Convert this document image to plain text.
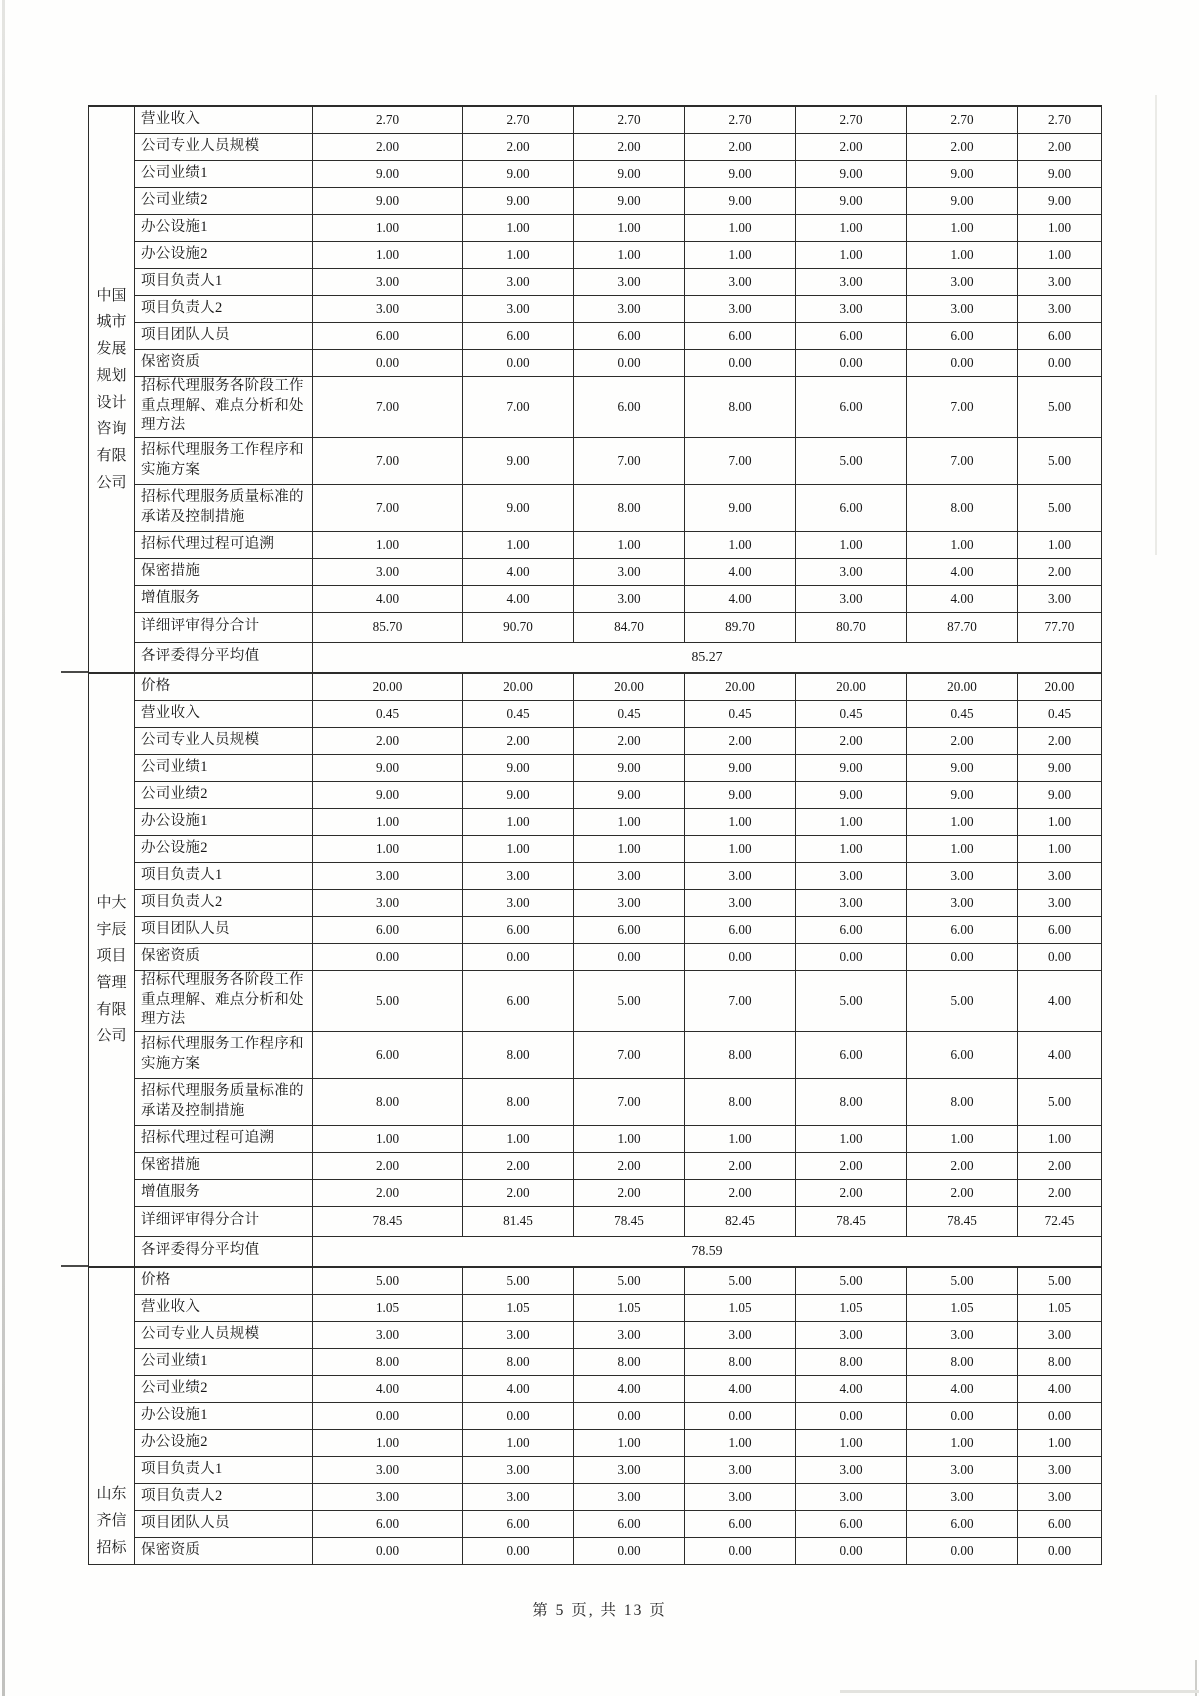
中国城市发展规划设计咨询有限公司	营业收入	2.70	2.70	2.70	2.70	2.70	2.70	2.70
	公司专业人员规模	2.00	2.00	2.00	2.00	2.00	2.00	2.00
	公司业绩1	9.00	9.00	9.00	9.00	9.00	9.00	9.00
	公司业绩2	9.00	9.00	9.00	9.00	9.00	9.00	9.00
	办公设施1	1.00	1.00	1.00	1.00	1.00	1.00	1.00
	办公设施2	1.00	1.00	1.00	1.00	1.00	1.00	1.00
	项目负责人1	3.00	3.00	3.00	3.00	3.00	3.00	3.00
	项目负责人2	3.00	3.00	3.00	3.00	3.00	3.00	3.00
	项目团队人员	6.00	6.00	6.00	6.00	6.00	6.00	6.00
	保密资质	0.00	0.00	0.00	0.00	0.00	0.00	0.00
	招标代理服务各阶段工作重点理解、难点分析和处理方法	7.00	7.00	6.00	8.00	6.00	7.00	5.00
	招标代理服务工作程序和实施方案	7.00	9.00	7.00	7.00	5.00	7.00	5.00
	招标代理服务质量标准的承诺及控制措施	7.00	9.00	8.00	9.00	6.00	8.00	5.00
	招标代理过程可追溯	1.00	1.00	1.00	1.00	1.00	1.00	1.00
	保密措施	3.00	4.00	3.00	4.00	3.00	4.00	2.00
	增值服务	4.00	4.00	3.00	4.00	3.00	4.00	3.00
	详细评审得分合计	85.70	90.70	84.70	89.70	80.70	87.70	77.70
	各评委得分平均值	85.27						
中大宇辰项目管理有限公司	价格	20.00	20.00	20.00	20.00	20.00	20.00	20.00
	营业收入	0.45	0.45	0.45	0.45	0.45	0.45	0.45
	公司专业人员规模	2.00	2.00	2.00	2.00	2.00	2.00	2.00
	公司业绩1	9.00	9.00	9.00	9.00	9.00	9.00	9.00
	公司业绩2	9.00	9.00	9.00	9.00	9.00	9.00	9.00
	办公设施1	1.00	1.00	1.00	1.00	1.00	1.00	1.00
	办公设施2	1.00	1.00	1.00	1.00	1.00	1.00	1.00
	项目负责人1	3.00	3.00	3.00	3.00	3.00	3.00	3.00
	项目负责人2	3.00	3.00	3.00	3.00	3.00	3.00	3.00
	项目团队人员	6.00	6.00	6.00	6.00	6.00	6.00	6.00
	保密资质	0.00	0.00	0.00	0.00	0.00	0.00	0.00
	招标代理服务各阶段工作重点理解、难点分析和处理方法	5.00	6.00	5.00	7.00	5.00	5.00	4.00
	招标代理服务工作程序和实施方案	6.00	8.00	7.00	8.00	6.00	6.00	4.00
	招标代理服务质量标准的承诺及控制措施	8.00	8.00	7.00	8.00	8.00	8.00	5.00
	招标代理过程可追溯	1.00	1.00	1.00	1.00	1.00	1.00	1.00
	保密措施	2.00	2.00	2.00	2.00	2.00	2.00	2.00
	增值服务	2.00	2.00	2.00	2.00	2.00	2.00	2.00
	详细评审得分合计	78.45	81.45	78.45	82.45	78.45	78.45	72.45
	各评委得分平均值	78.59						
山东齐信招标	价格	5.00	5.00	5.00	5.00	5.00	5.00	5.00
	营业收入	1.05	1.05	1.05	1.05	1.05	1.05	1.05
	公司专业人员规模	3.00	3.00	3.00	3.00	3.00	3.00	3.00
	公司业绩1	8.00	8.00	8.00	8.00	8.00	8.00	8.00
	公司业绩2	4.00	4.00	4.00	4.00	4.00	4.00	4.00
	办公设施1	0.00	0.00	0.00	0.00	0.00	0.00	0.00
	办公设施2	1.00	1.00	1.00	1.00	1.00	1.00	1.00
	项目负责人1	3.00	3.00	3.00	3.00	3.00	3.00	3.00
	项目负责人2	3.00	3.00	3.00	3.00	3.00	3.00	3.00
	项目团队人员	6.00	6.00	6.00	6.00	6.00	6.00	6.00
	保密资质	0.00	0.00	0.00	0.00	0.00	0.00	0.00
第 5 页, 共 13 页
